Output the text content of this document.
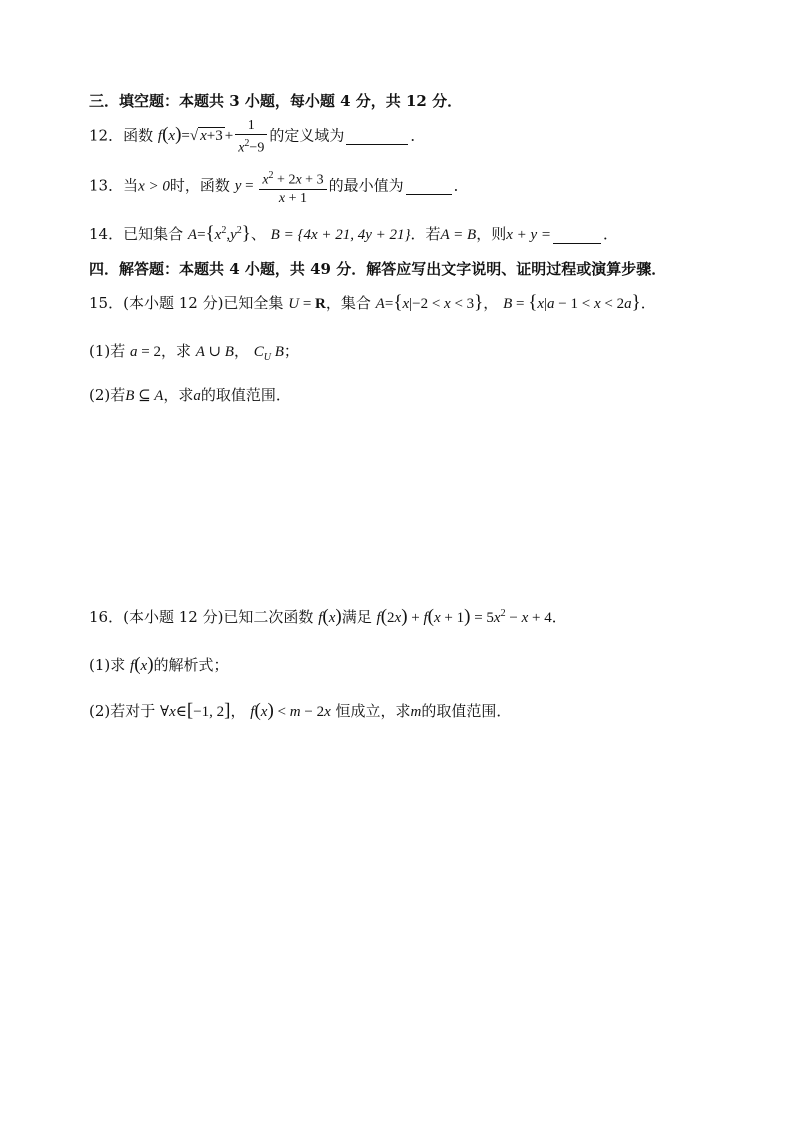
三．填空题：本题共 3 小题，每小题 4 分，共 12 分．
12．函数 f(x)=√ $x+3 + \frac{1}{x^2-9}$ 的定义域为	．
13．当x > 0时，函数 $y = \frac{x^2 + 2x + 3}{x + 1}$ 的最小值为	．
14．已知集合 $A=\{x^2,y^2\}$、 B = {4x + 21, 4y + 21}．若A = B，则x + y =	．
四．解答题：本题共 4 小题，共 49 分．解答应写出文字说明、证明过程或演算步骤．
15．(本小题 12 分)已知全集 U = R，集合 A={x|−2 < x < 3}， B = {x|a − 1 < x < 2a}．
(1)若 a = 2，求 A ∪ B， $C_U$ B；
(2)若B ⊆ A，求a的取值范围．
16．(本小题 12 分)已知二次函数 f(x)满足 $f(2x) + f(x + 1) = 5x^2 - x + 4$．
(1)求 f(x)的解析式；
(2)若对于 ∀x∈[−1, 2]， f(x) < m − 2x 恒成立，求m的取值范围．
